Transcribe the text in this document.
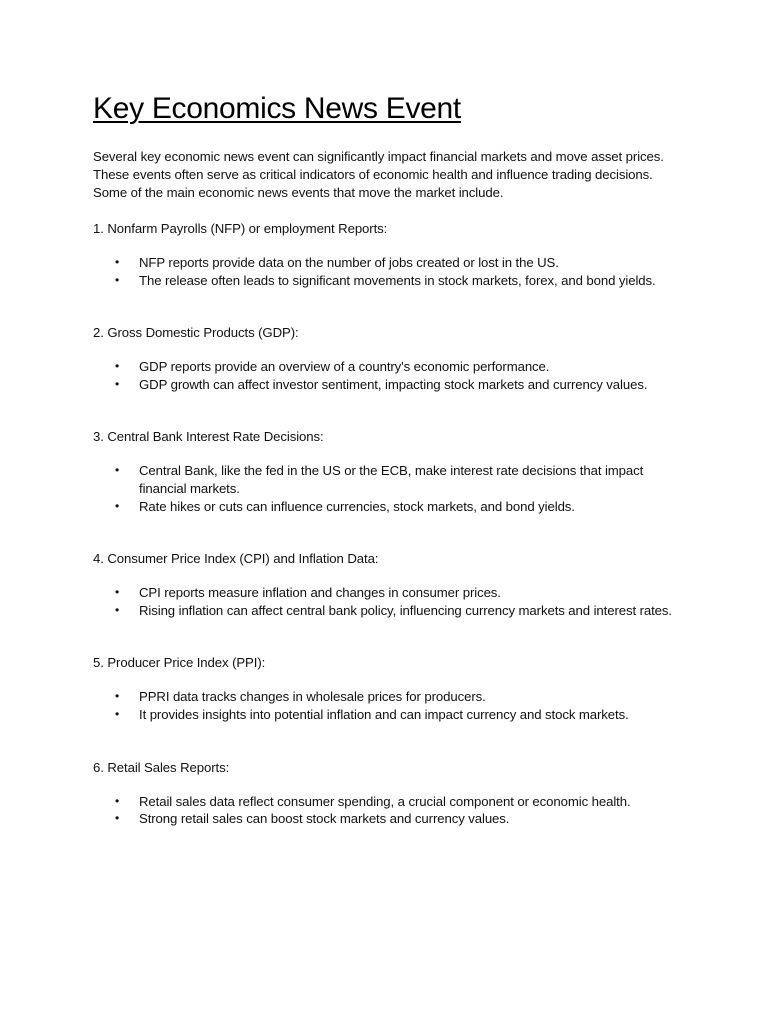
Key Economics News Event

Several key economic news event can significantly impact financial markets and move asset prices. These events often serve as critical indicators of economic health and influence trading decisions. Some of the main economic news events that move the market include.

1. Nonfarm Payrolls (NFP) or employment Reports:

• NFP reports provide data on the number of jobs created or lost in the US.
• The release often leads to significant movements in stock markets, forex, and bond yields.

2. Gross Domestic Products (GDP):

• GDP reports provide an overview of a country's economic performance.
• GDP growth can affect investor sentiment, impacting stock markets and currency values.

3. Central Bank Interest Rate Decisions:

• Central Bank, like the fed in the US or the ECB, make interest rate decisions that impact financial markets.
• Rate hikes or cuts can influence currencies, stock markets, and bond yields.

4. Consumer Price Index (CPI) and Inflation Data:

• CPI reports measure inflation and changes in consumer prices.
• Rising inflation can affect central bank policy, influencing currency markets and interest rates.

5. Producer Price Index (PPI):

• PPRI data tracks changes in wholesale prices for producers.
• It provides insights into potential inflation and can impact currency and stock markets.

6. Retail Sales Reports:

• Retail sales data reflect consumer spending, a crucial component or economic health.
• Strong retail sales can boost stock markets and currency values.
